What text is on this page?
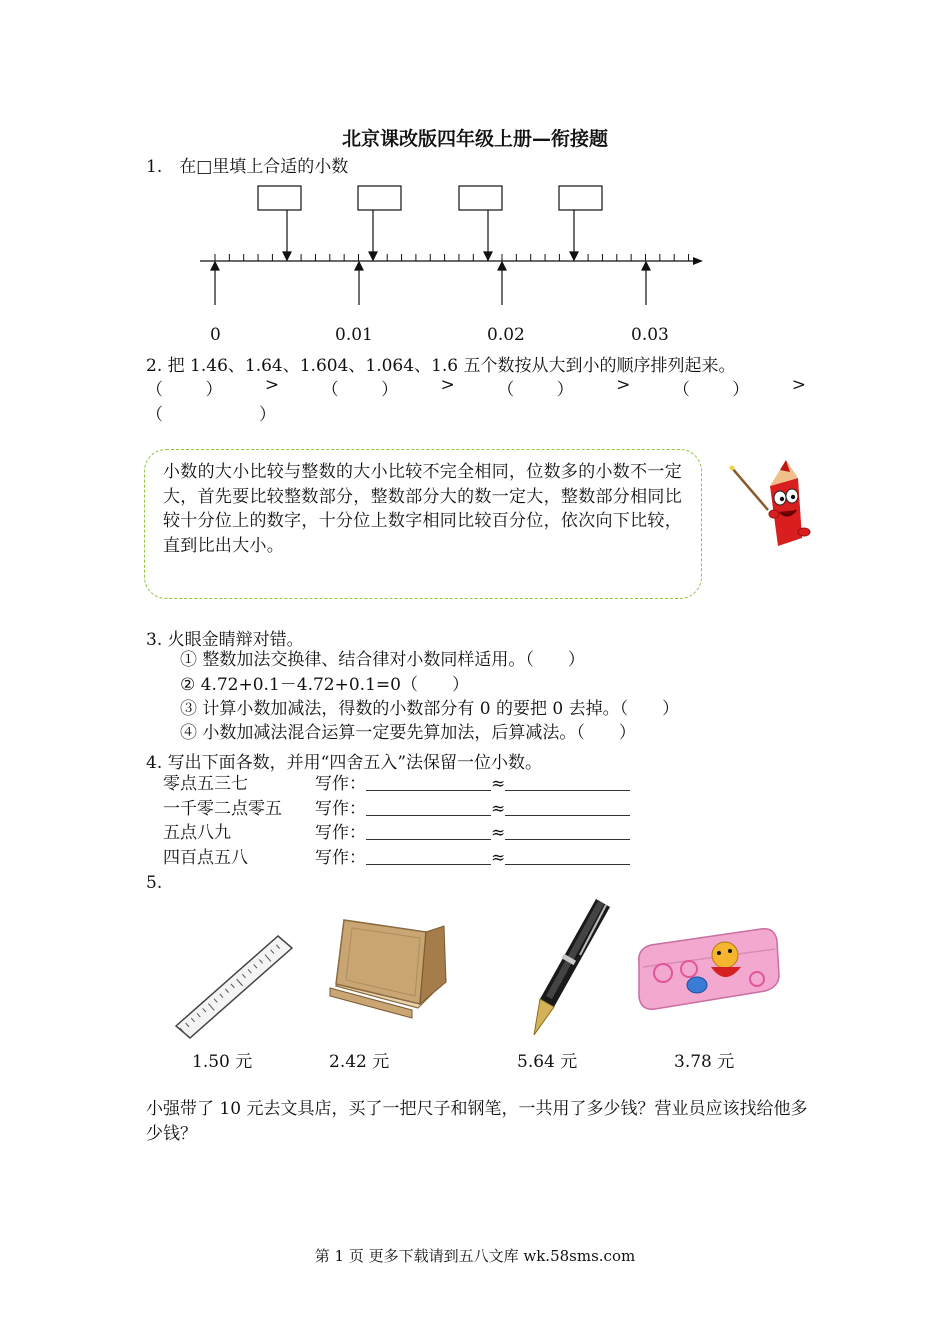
北京课改版四年级上册—衔接题
1.　在□里填上合适的小数
0	0.01	0.02	0.03
2. 把 1.46、1.64、1.604、1.064、1.6 五个数按从大到小的顺序排列起来。
（ ） > （ ） > （ ） > （ ） >
（	）
小数的大小比较与整数的大小比较不完全相同，位数多的小数不一定大，首先要比较整数部分，整数部分大的数一定大，整数部分相同比较十分位上的数字，十分位上数字相同比较百分位，依次向下比较，直到比出大小。
3. 火眼金睛辩对错。
① 整数加法交换律、结合律对小数同样适用。（　　）
② 4.72+0.1－4.72+0.1=0（　　）
③ 计算小数加减法，得数的小数部分有 0 的要把 0 去掉。（　　）
④ 小数加减法混合运算一定要先算加法，后算减法。（　　）
4. 写出下面各数，并用“四舍五入”法保留一位小数。
零点五三七	写作：	≈
一千零二点零五 写作：	≈
五点八九	写作：	≈
四百点五八	写作：	≈
5.
1.50 元	2.42 元	5.64 元	3.78 元
小强带了 10 元去文具店，买了一把尺子和钢笔，一共用了多少钱？营业员应该找给他多少钱？
第 1 页 更多下载请到五八文库 wk.58sms.com
